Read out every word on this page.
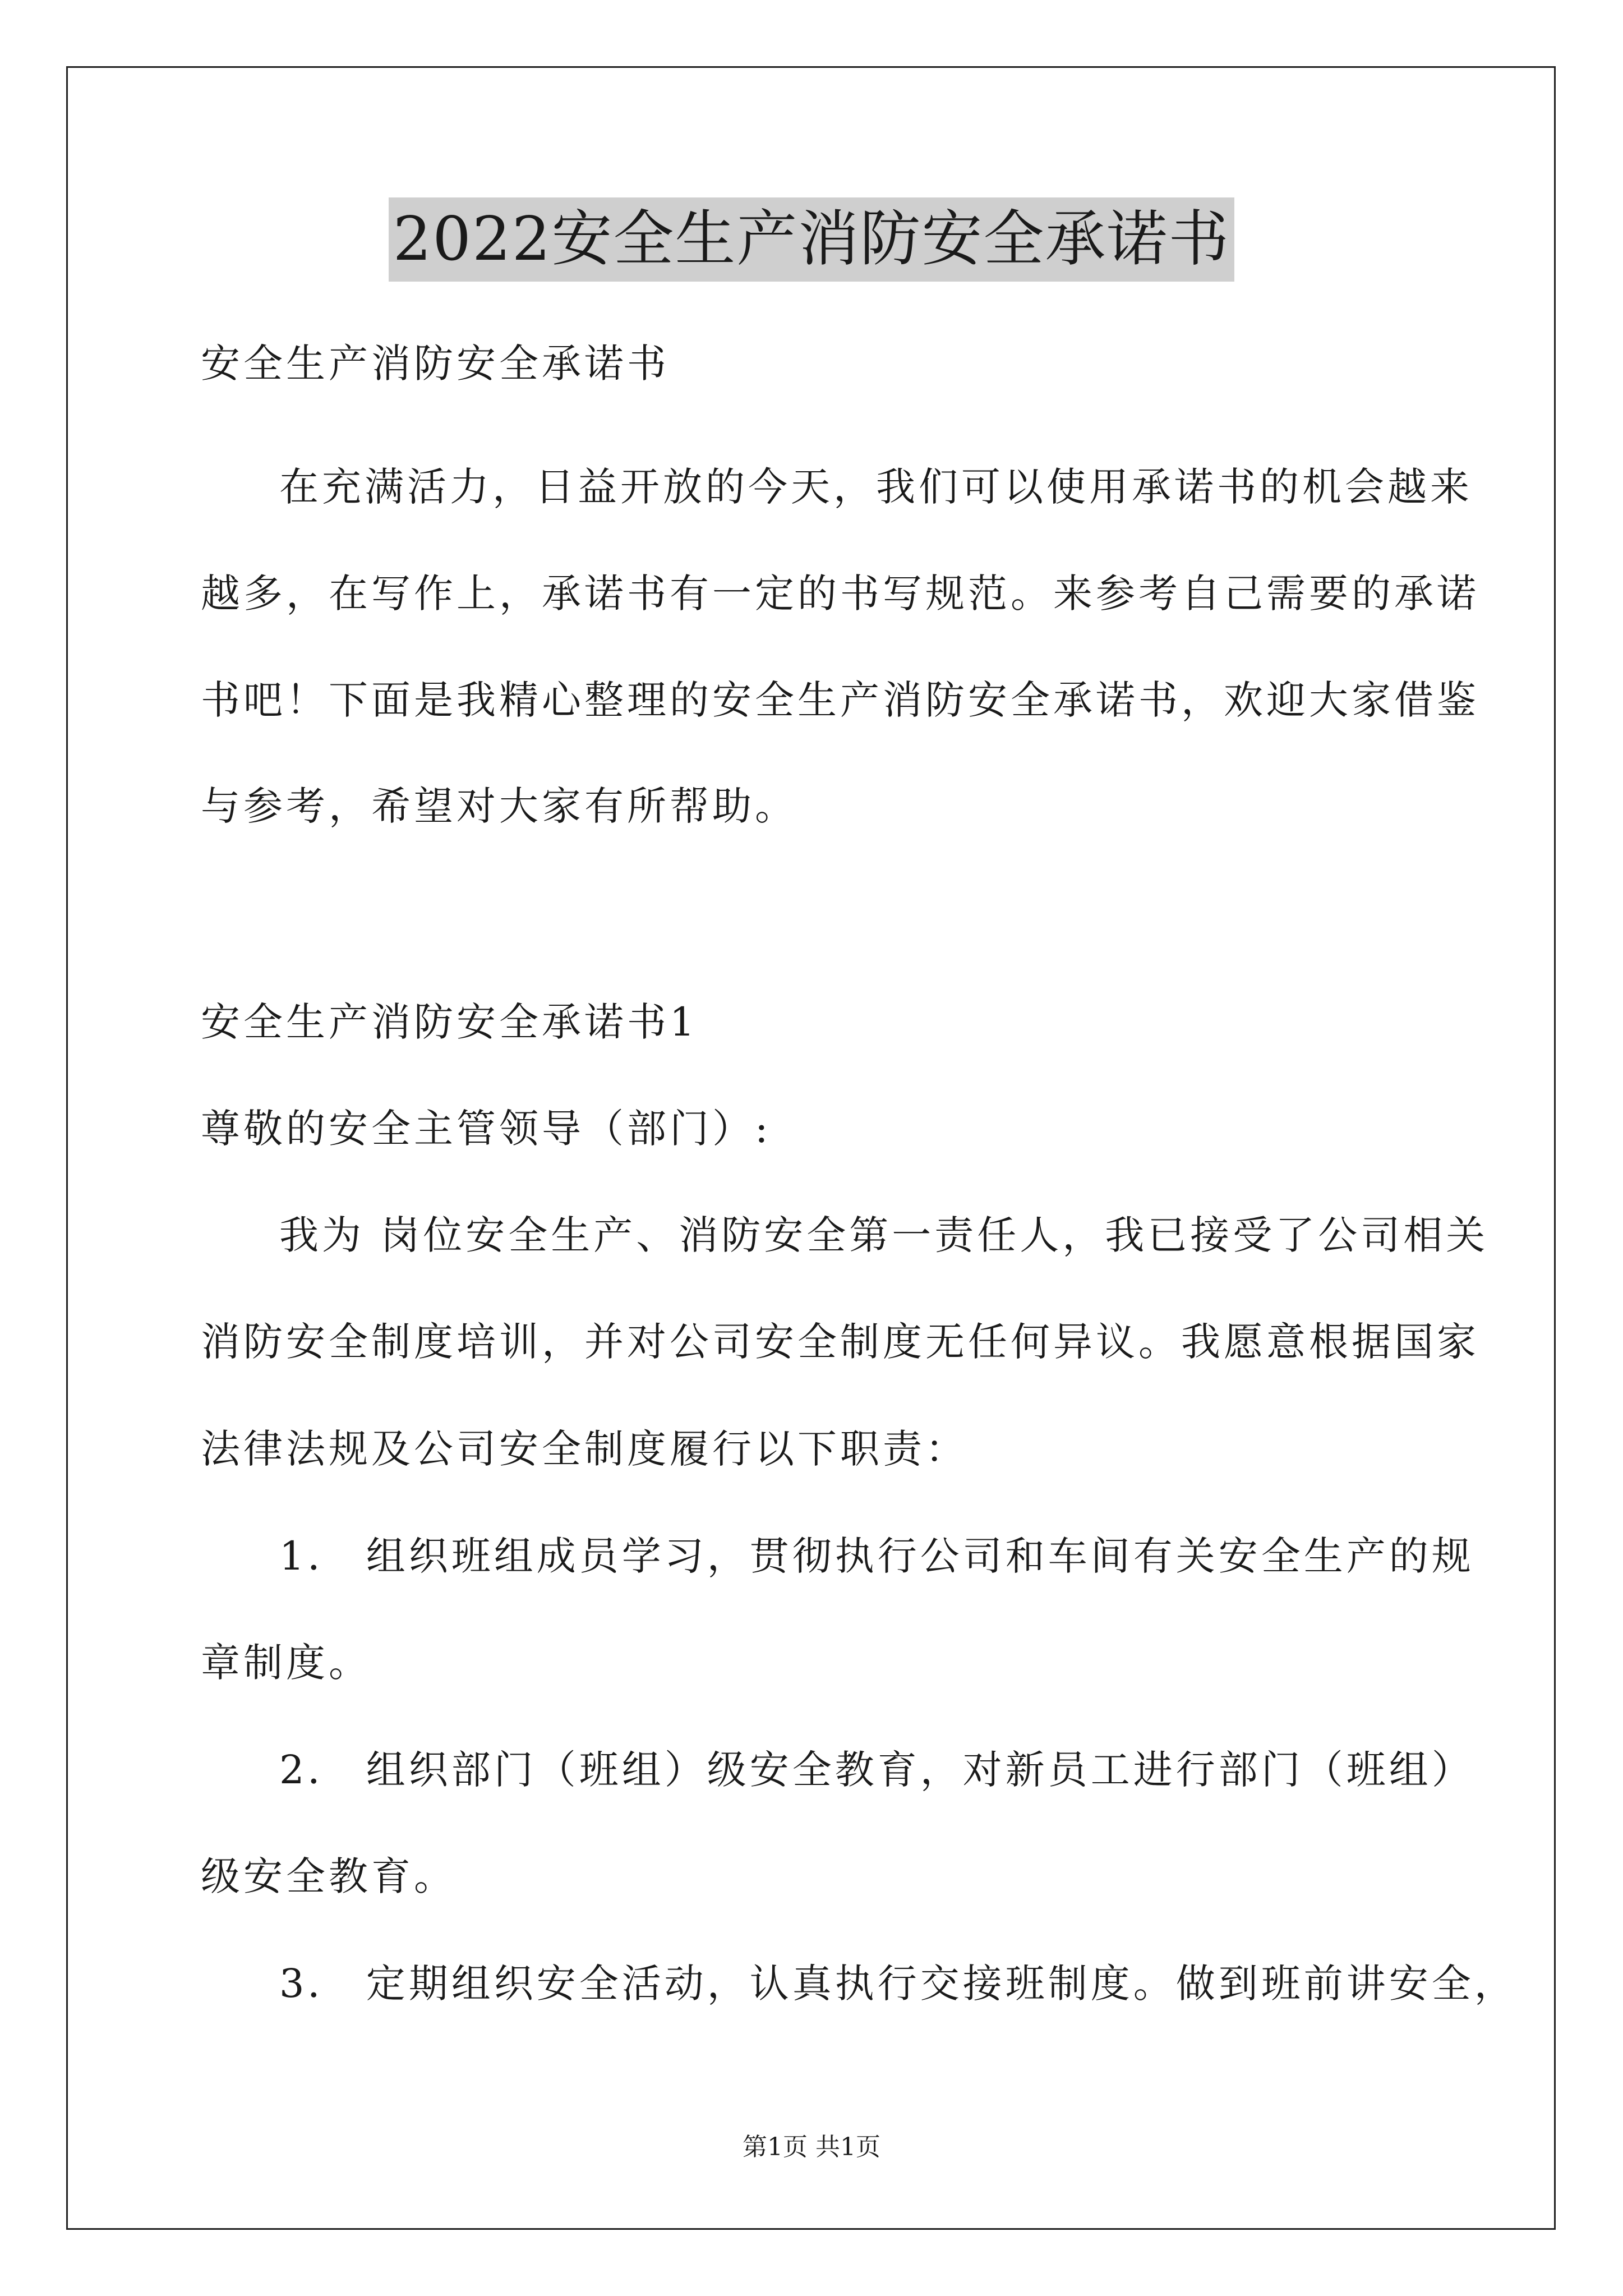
2022安全生产消防安全承诺书
安全生产消防安全承诺书
在充满活力，日益开放的今天，我们可以使用承诺书的机会越来
越多，在写作上，承诺书有一定的书写规范。来参考自己需要的承诺
书吧！下面是我精心整理的安全生产消防安全承诺书，欢迎大家借鉴
与参考，希望对大家有所帮助。
安全生产消防安全承诺书1
尊敬的安全主管领导（部门）:
我为 岗位安全生产、消防安全第一责任人，我已接受了公司相关
消防安全制度培训，并对公司安全制度无任何异议。我愿意根据国家
法律法规及公司安全制度履行以下职责：
1． 组织班组成员学习，贯彻执行公司和车间有关安全生产的规
章制度。
2． 组织部门（班组）级安全教育，对新员工进行部门（班组）
级安全教育。
3． 定期组织安全活动，认真执行交接班制度。做到班前讲安全，
第1页 共1页
